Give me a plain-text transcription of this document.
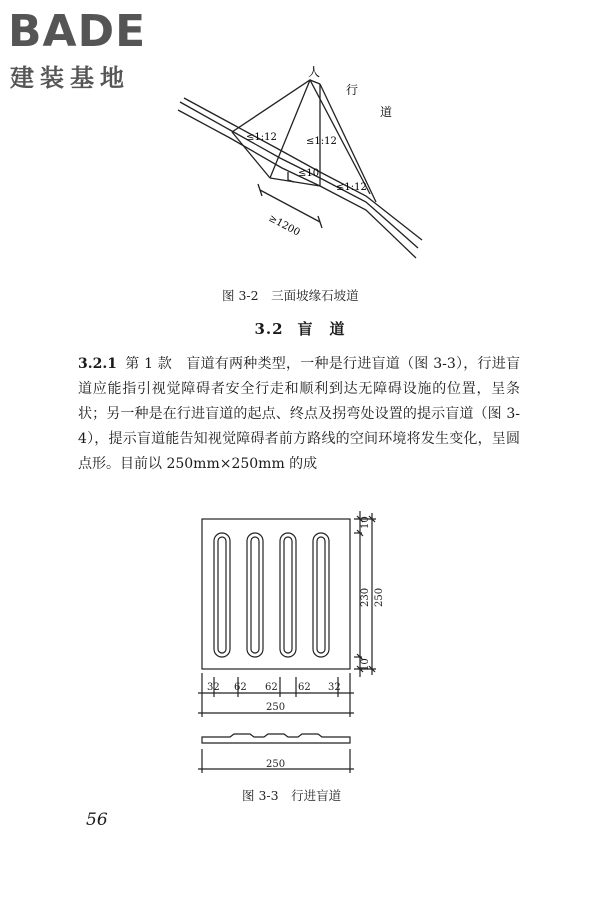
BADE
建装基地	人
行
道
≤1:12	≤1:12
≤1:12
≤10
≥1200
图 3-2　三面坡缘石坡道
3.2 盲　道
3.2.1 第 1 款　盲道有两种类型，一种是行进盲道（图 3-3），行进盲道应能指引视觉障碍者安全行走和顺利到达无障碍设施的位置，呈条状；另一种是在行进盲道的起点、终点及拐弯处设置的提示盲道（图 3-4），提示盲道能告知视觉障碍者前方路线的空间环境将发生变化，呈圆点形。目前以 250mm×250mm 的成
32 62 62 62 32
250
250
10
230
10
250
图 3-3　行进盲道
56
